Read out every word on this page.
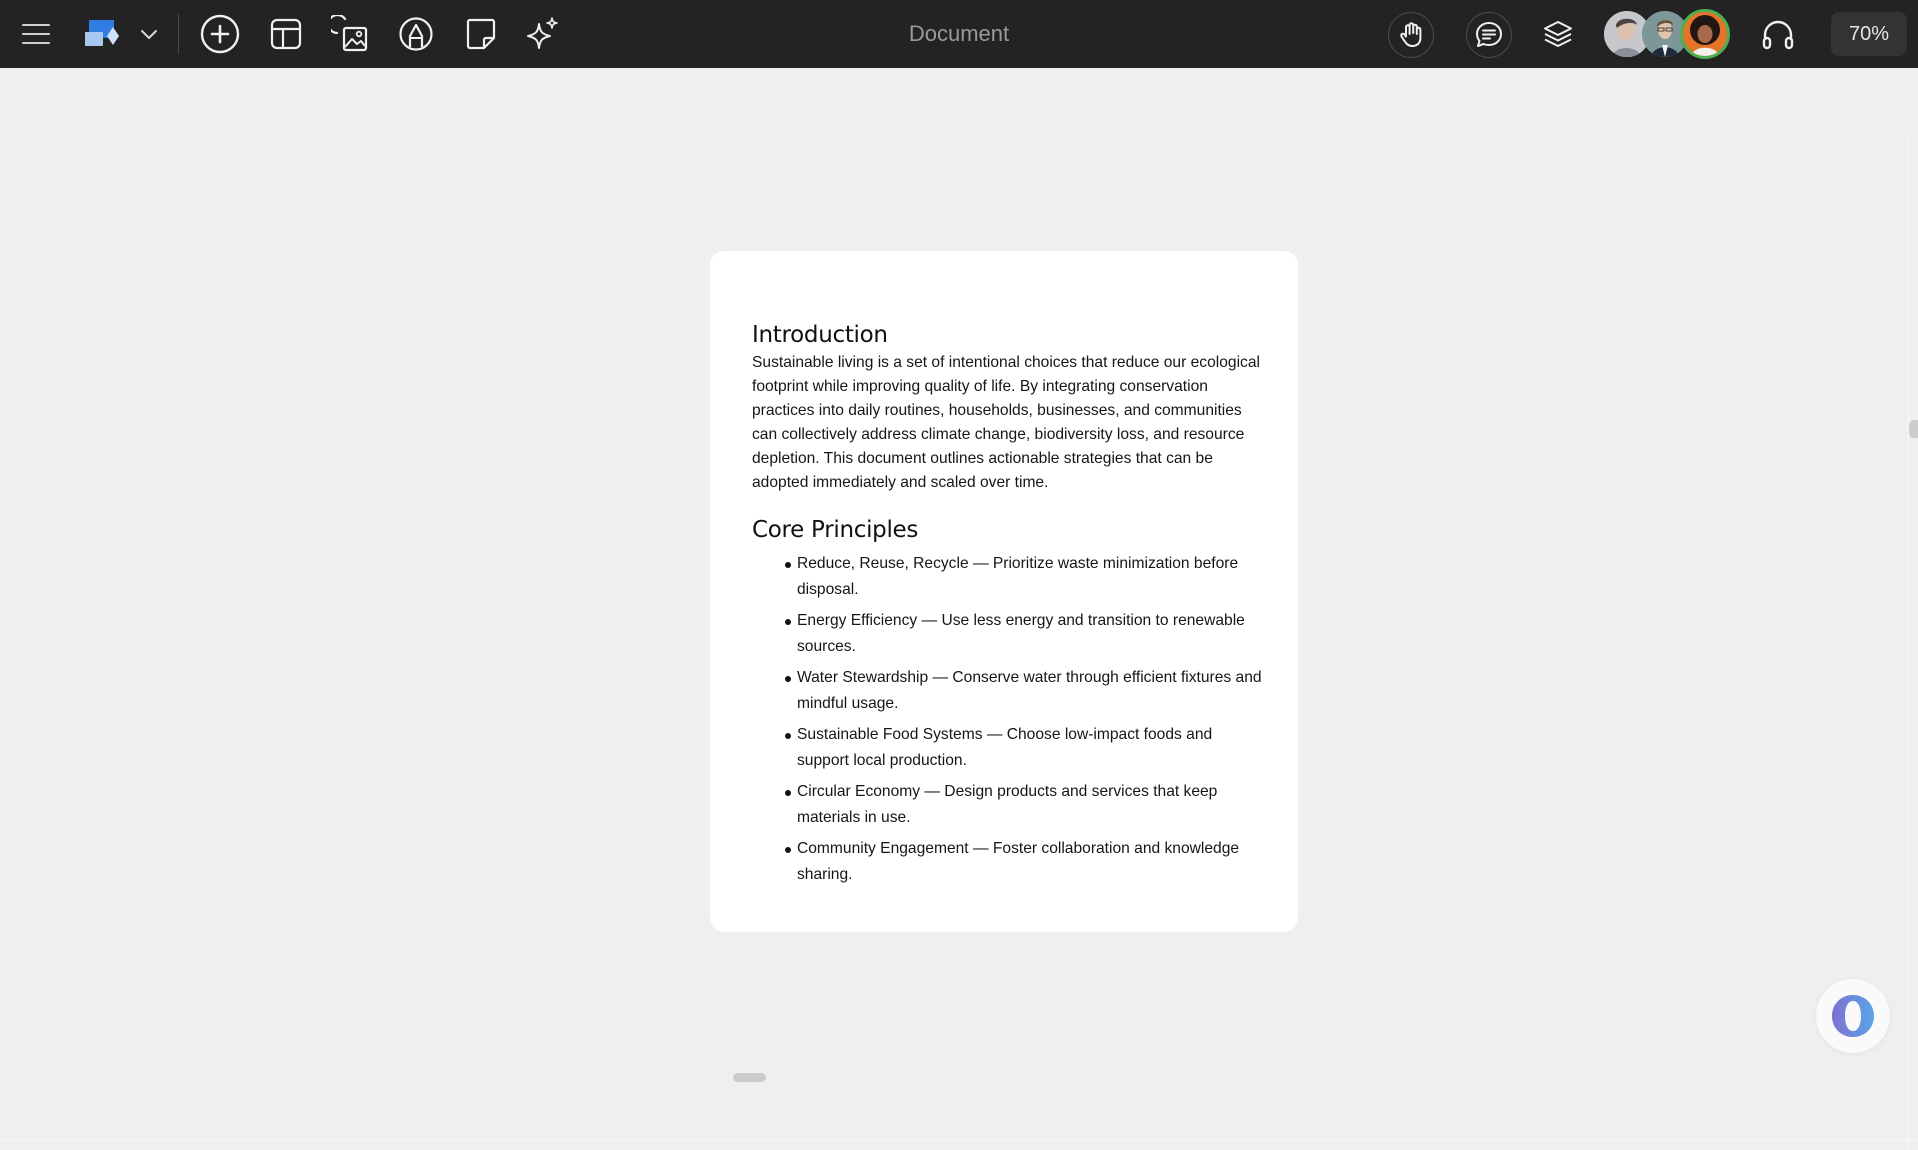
Document	70%
Introduction

Sustainable living is a set of intentional choices that reduce our ecological footprint while improving quality of life. By integrating conservation practices into daily routines, households, businesses, and communities can collectively address climate change, biodiversity loss, and resource depletion. This document outlines actionable strategies that can be adopted immediately and scaled over time.

Core Principles
Reduce, Reuse, Recycle — Prioritize waste minimization before disposal.
Energy Efficiency — Use less energy and transition to renewable sources.
Water Stewardship — Conserve water through efficient fixtures and mindful usage.
Sustainable Food Systems — Choose low-impact foods and support local production.
Circular Economy — Design products and services that keep materials in use.
Community Engagement — Foster collaboration and knowledge sharing.
